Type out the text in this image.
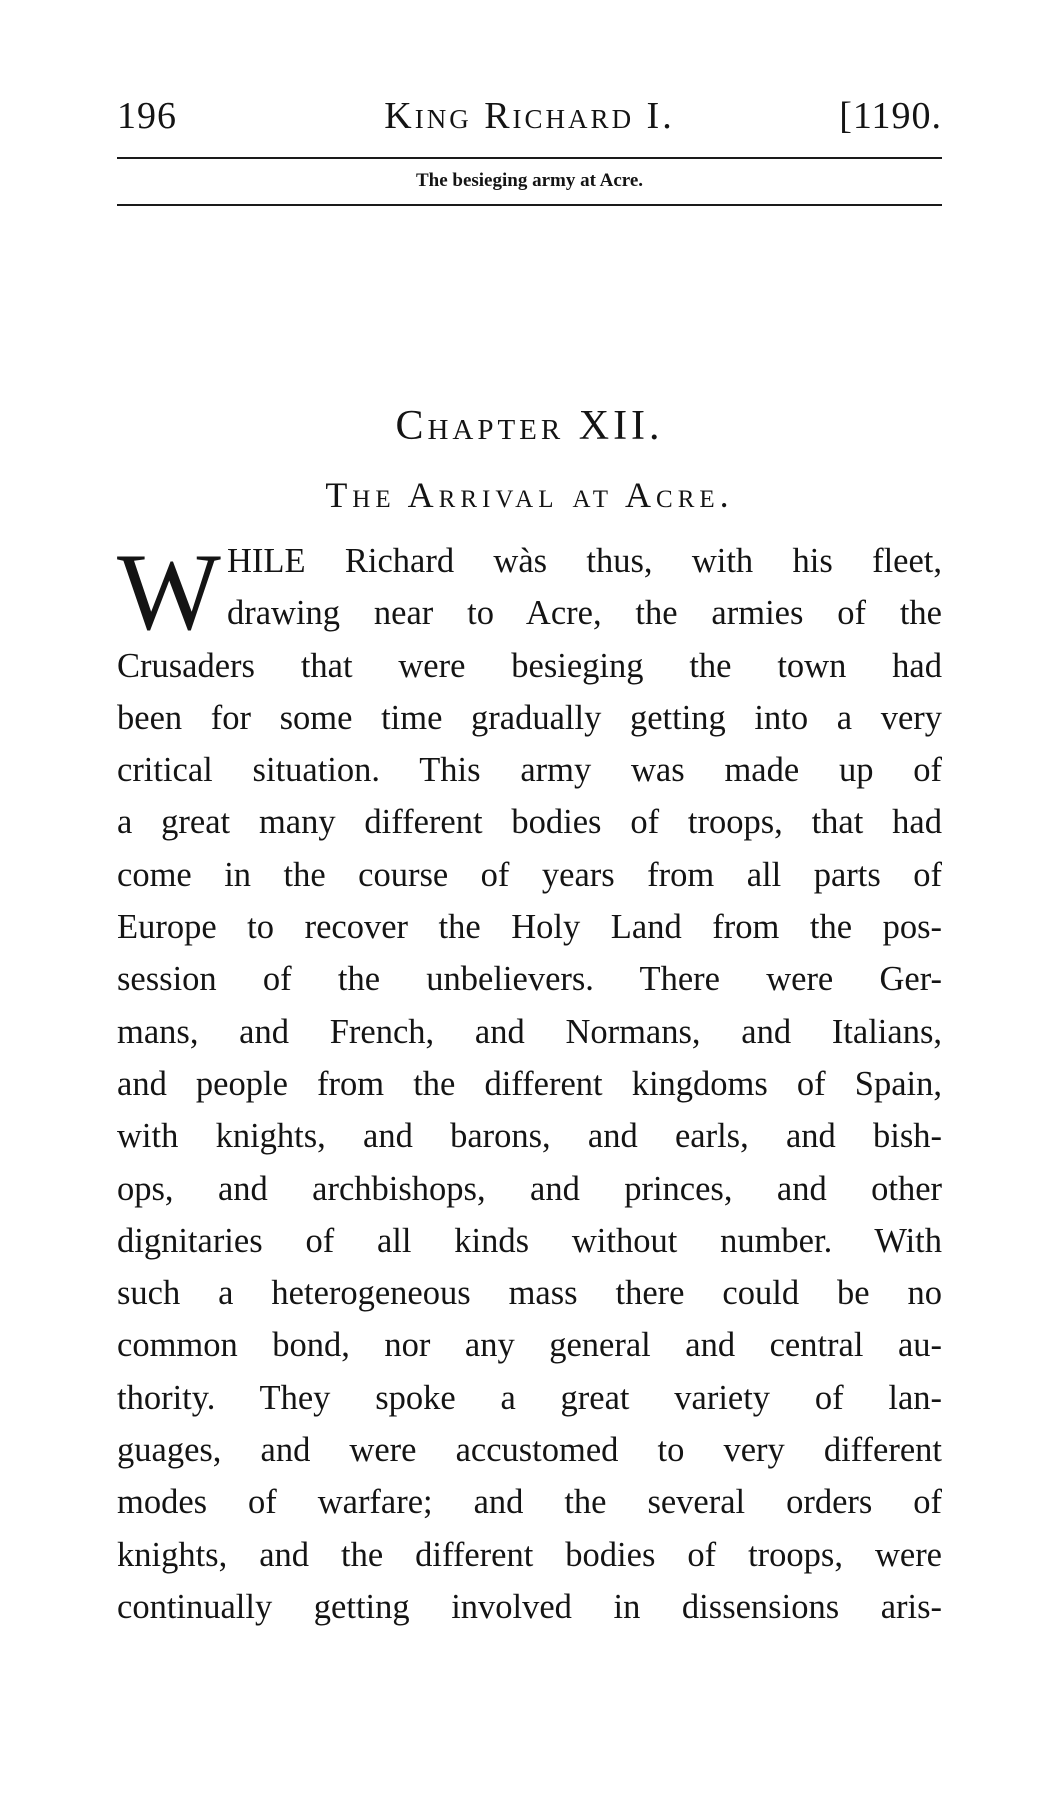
196	King Richard I.	[1190.
The besieging army at Acre.
Chapter XII.
The Arrival at Acre.
W HILE Richard wàs thus, with his fleet,
drawing near to Acre, the armies of the
Crusaders that were besieging the town had
been for some time gradually getting into a very
critical situation. This army was made up of
a great many different bodies of troops, that had
come in the course of years from all parts of
Europe to recover the Holy Land from the pos-
session of the unbelievers. There were Ger-
mans, and French, and Normans, and Italians,
and people from the different kingdoms of Spain,
with knights, and barons, and earls, and bish-
ops, and archbishops, and princes, and other
dignitaries of all kinds without number. With
such a heterogeneous mass there could be no
common bond, nor any general and central au-
thority. They spoke a great variety of lan-
guages, and were accustomed to very different
modes of warfare; and the several orders of
knights, and the different bodies of troops, were
continually getting involved in dissensions aris-
